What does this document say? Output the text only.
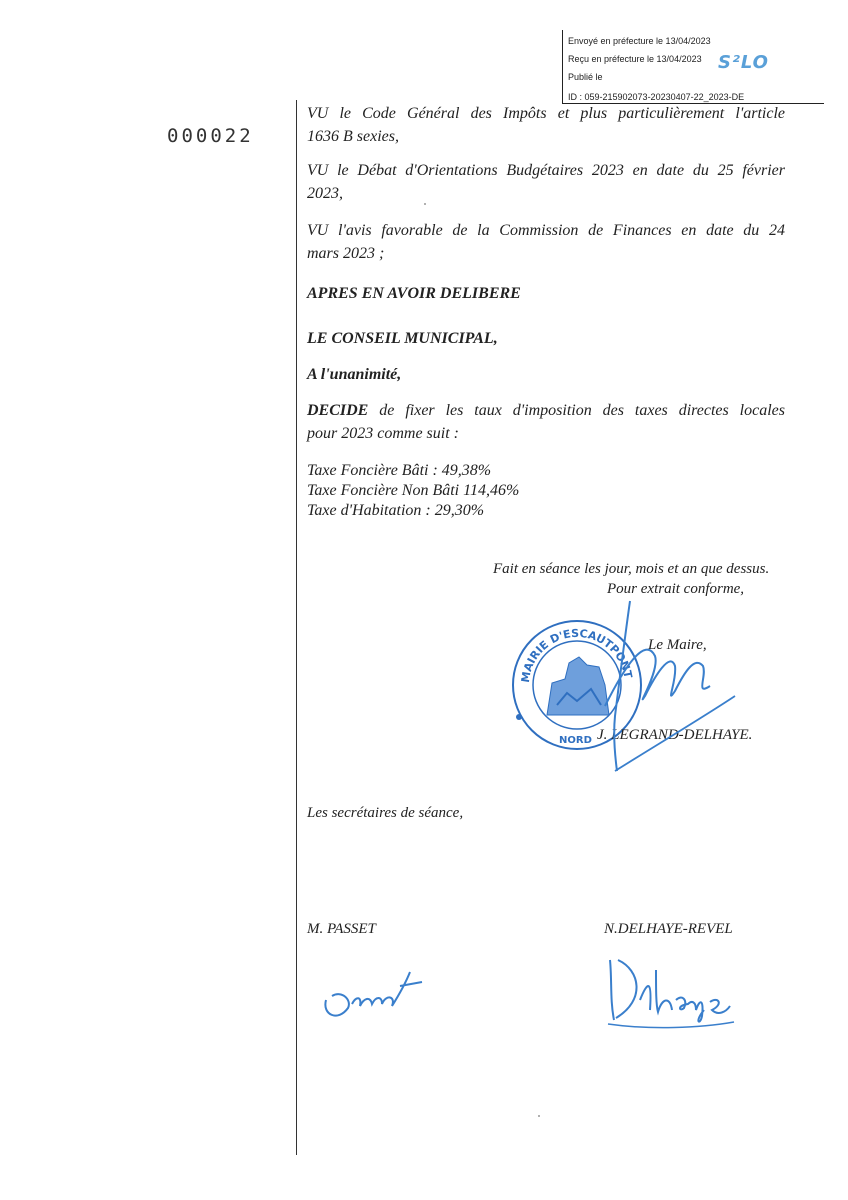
Envoyé en préfecture le 13/04/2023
Reçu en préfecture le 13/04/2023
Publié le
ID : 059-215902073-20230407-22_2023-DE
S²LO
000022
VU le Code Général des Impôts et plus particulièrement l'article
1636 B sexies,
VU le Débat d'Orientations Budgétaires 2023 en date du 25 février
2023,
VU l'avis favorable de la Commission de Finances en date du 24
mars 2023 ;
APRES EN AVOIR DELIBERE
LE CONSEIL MUNICIPAL,
A l'unanimité,
DECIDE de fixer les taux d'imposition des taxes directes locales
pour 2023 comme suit :
Taxe Foncière Bâti : 49,38%
Taxe Foncière Non Bâti 114,46%
Taxe d'Habitation : 29,30%
Fait en séance les jour, mois et an que dessus.
Pour extrait conforme,
MAIRIE D'ESCAUTPONT
NORD
Le Maire,
J. LEGRAND-DELHAYE.
Les secrétaires de séance,
M. PASSET	N.DELHAYE-REVEL
